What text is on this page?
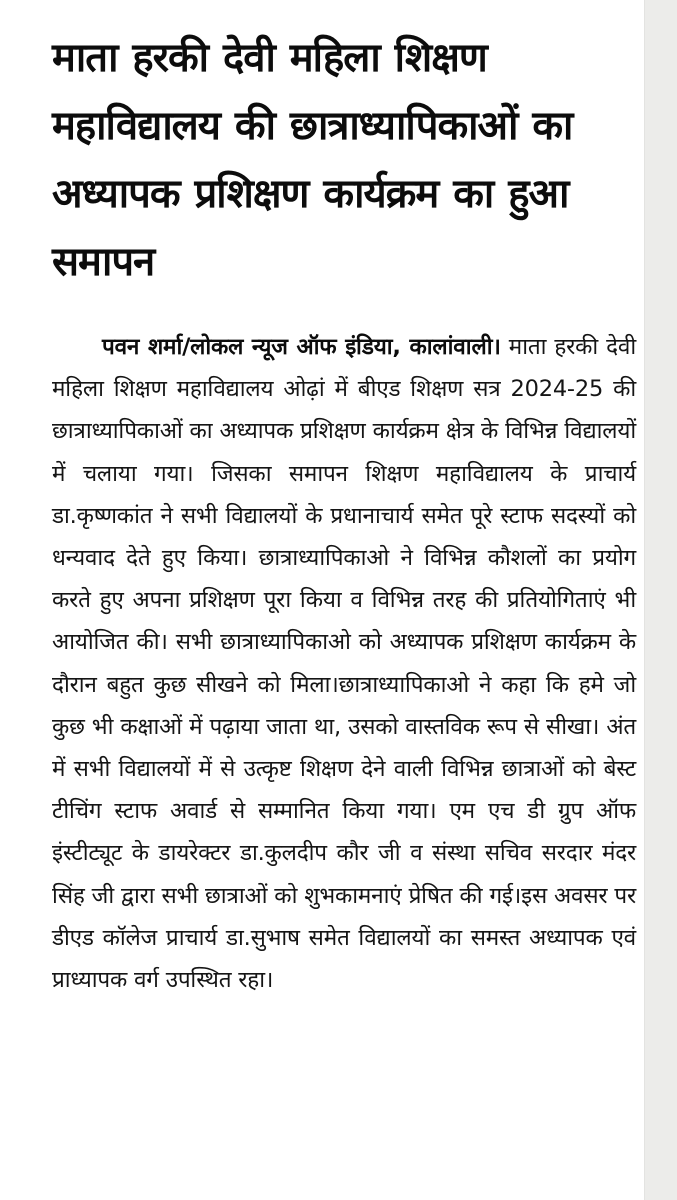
माता हरकी देवी महिला शिक्षण महाविद्यालय की छात्राध्यापिकाओं का अध्यापक प्रशिक्षण कार्यक्रम का हुआ समापन

पवन शर्मा/लोकल न्यूज ऑफ इंडिया, कालांवाली। माता हरकी देवी महिला शिक्षण महाविद्यालय ओढ़ां में बीएड शिक्षण सत्र 2024-25 की छात्राध्यापिकाओं का अध्यापक प्रशिक्षण कार्यक्रम क्षेत्र के विभिन्न विद्यालयों में चलाया गया। जिसका समापन शिक्षण महाविद्यालय के प्राचार्य डा.कृष्णकांत ने सभी विद्यालयों के प्रधानाचार्य समेत पूरे स्टाफ सदस्यों को धन्यवाद देते हुए किया। छात्राध्यापिकाओ ने विभिन्न कौशलों का प्रयोग करते हुए अपना प्रशिक्षण पूरा किया व विभिन्न तरह की प्रतियोगिताएं भी आयोजित की। सभी छात्राध्यापिकाओ को अध्यापक प्रशिक्षण कार्यक्रम के दौरान बहुत कुछ सीखने को मिला।छात्राध्यापिकाओ ने कहा कि हमे जो कुछ भी कक्षाओं में पढ़ाया जाता था, उसको वास्तविक रूप से सीखा। अंत में सभी विद्यालयों में से उत्कृष्ट शिक्षण देने वाली विभिन्न छात्राओं को बेस्ट टीचिंग स्टाफ अवार्ड से सम्मानित किया गया। एम एच डी ग्रुप ऑफ इंस्टीट्यूट के डायरेक्टर डा.कुलदीप कौर जी व संस्था सचिव सरदार मंदर सिंह जी द्वारा सभी छात्राओं को शुभकामनाएं प्रेषित की गई।इस अवसर पर डीएड कॉलेज प्राचार्य डा.सुभाष समेत विद्यालयों का समस्त अध्यापक एवं प्राध्यापक वर्ग उपस्थित रहा।
